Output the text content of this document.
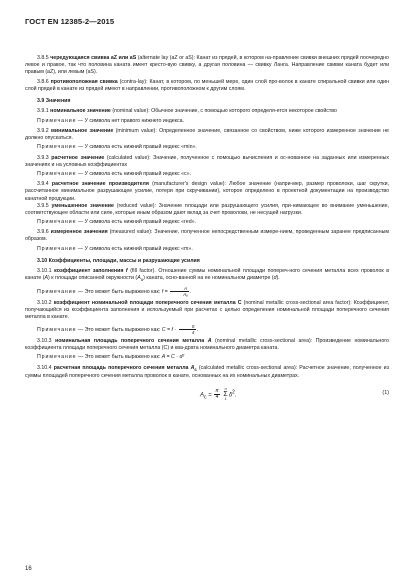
ГОСТ EN 12385-2—2015

3.8.5 чередующаяся свивка aZ или aS (alternate lay (aZ or aS): Канат из прядей, в котором на-правление свивки внешних прядей поочередно левое и правое, так что половина каната имеет кресто-вую свивку, а другая половина — свивку Ланга. Направление свивки каната будет или правым (aZ), или левым (aS).

3.8.6 противоположная свивка (contra-lay): Канат, в котором, по меньшей мере, один слой про-волок в канате спиральной свивки или один слой прядей в канате из прядей имеют в направлении, противоположном к другим слоям.

3.9 Значения

3.9.1 номинальное значение (nominal value): Обычное значение, с помощью которого определя-ется некоторое свойство

Примечание — У символа нет правого нижнего индекса.

3.9.2 минимальное значение (minimum value): Определенное значение, связанное со свойством, ниже которого измеренное значение не должно опускаться.

Примечание — У символа есть нижний правый индекс «min».

3.9.3 расчетное значение (calculated value): Значение, полученное с помощью вычисления и ос-нованное на заданных или измеренных значениях и на условных коэффициентах

Примечание — У символа есть нижний правый индекс «c».

3.9.4 расчетное значение производителя (manufacturer's design value): Любое значение (напри-мер, размер проволоки, шаг скрутки, рассчитанное минимальное разрушающее усилие, потери при скручивании), которое определено в проектной документации на производство канатной продукции.

3.9.5 уменьшенное значение (reduced value): Значение площади или разрушающего усилия, при-нимающее во внимание уменьшение, соответствующее области или силе, которые иным образом дают вклад за счет проволоки, не несущей нагрузки.

Примечание — У символа есть нижний правый индекс «red».

3.9.6 измеренное значения (measured value): Значение, полученное непосредственным измере-нием, проведенным заранее предписанным образом.

Примечание — У символа есть нижний правый индекс «m».

3.10 Коэффициенты, площади, массы и разрушающие усилия

3.10.1 коэффициент заполнения f (fill factor). Отношение суммы номинальной площади попереч-ного сечения металла всех проволок в канате (A) к площади описанной окружности $(A_u)$ каната, осно-ванной на ее номинальном диаметре (d).

Примечание — Это может быть выражено как: $f = \frac{A}{\text{Aᵤ}}$ .

3.10.2 коэффициент номинальной площади поперечного сечения металла C (nominal metallic cross-sectional area factor): Коэффициент, получающийся из коэффициента заполнения и используемый при расчетах с целью определения номинальной площади поперечного сечения металла в канате.

Примечание — Это может быть выражено как: $C = f \cdot \frac{\pi}{4}$ .

3.10.3 номинальная площадь поперечного сечения металла A (nominal metallic cross-sectional area): Произведение номинального коэффициента площади поперечного сечения металла (C) и ква-драта номинального диаметра каната.

Примечание — Это может быть выражено как: A = C · d²

3.10.4 расчетная площадь поперечного сечения металла $A_c$ (calculated metallic cross-sectional area): Расчетное значение, полученное из суммы площадей поперечного сечения металла проволок в канате, основанных на их номинальных диаметрах.

$A_c = \frac{\pi}{4}$

n
Σ
1
$\delta^2$.	(1)
16
